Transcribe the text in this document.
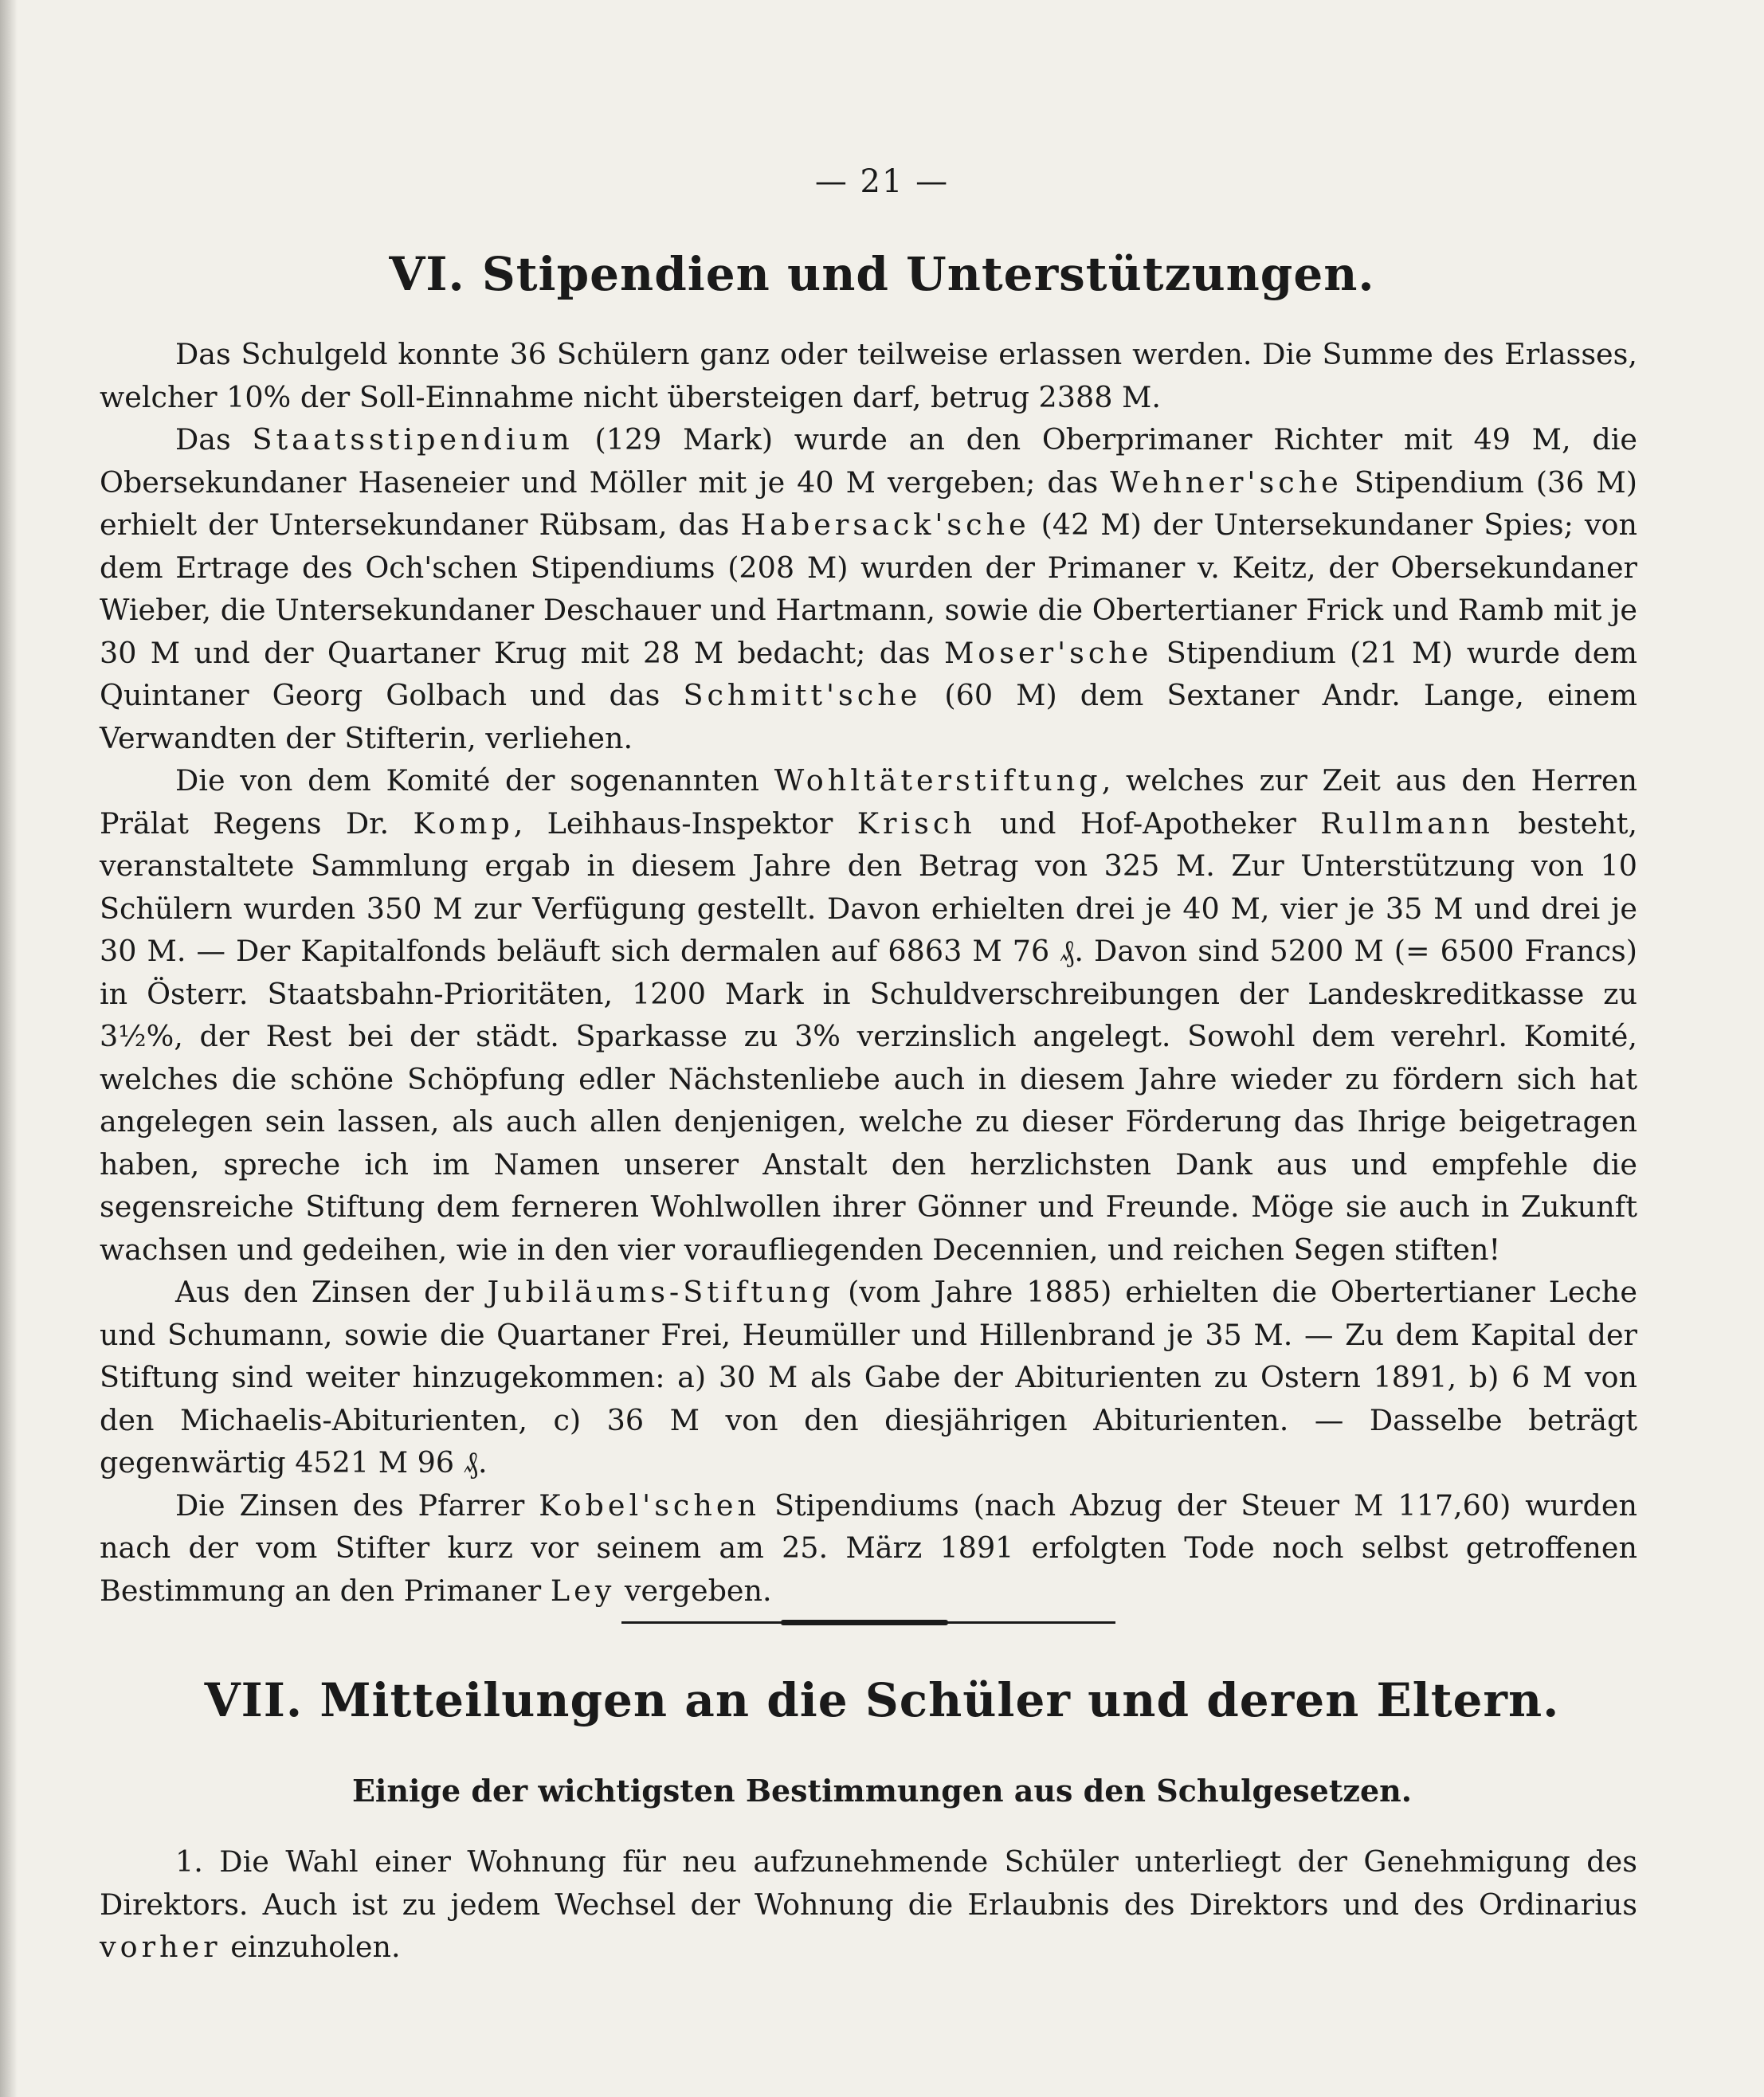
— 21 —
VI. Stipendien und Unterstützungen.

Das Schulgeld konnte 36 Schülern ganz oder teilweise erlassen werden. Die Summe des Erlasses, welcher 10% der Soll-Einnahme nicht übersteigen darf, betrug 2388 M.

Das Staatsstipendium (129 Mark) wurde an den Oberprimaner Richter mit 49 M, die Obersekundaner Haseneier und Möller mit je 40 M vergeben; das Wehner'sche Stipendium (36 M) erhielt der Untersekundaner Rübsam, das Habersack'sche (42 M) der Untersekundaner Spies; von dem Ertrage des Och'schen Stipendiums (208 M) wurden der Primaner v. Keitz, der Obersekundaner Wieber, die Untersekundaner Deschauer und Hartmann, sowie die Obertertianer Frick und Ramb mit je 30 M und der Quartaner Krug mit 28 M bedacht; das Moser'sche Stipendium (21 M) wurde dem Quintaner Georg Golbach und das Schmitt'sche (60 M) dem Sextaner Andr. Lange, einem Verwandten der Stifterin, verliehen.

Die von dem Komité der sogenannten Wohltäterstiftung, welches zur Zeit aus den Herren Prälat Regens Dr. Komp, Leihhaus-Inspektor Krisch und Hof-Apotheker Rullmann besteht, veranstaltete Sammlung ergab in diesem Jahre den Betrag von 325 M. Zur Unterstützung von 10 Schülern wurden 350 M zur Verfügung gestellt. Davon erhielten drei je 40 M, vier je 35 M und drei je 30 M. — Der Kapitalfonds beläuft sich dermalen auf 6863 M 76 ₰. Davon sind 5200 M (= 6500 Francs) in Österr. Staatsbahn-Prioritäten, 1200 Mark in Schuldverschreibungen der Landeskreditkasse zu 3½%, der Rest bei der städt. Sparkasse zu 3% verzinslich angelegt. Sowohl dem verehrl. Komité, welches die schöne Schöpfung edler Nächstenliebe auch in diesem Jahre wieder zu fördern sich hat angelegen sein lassen, als auch allen denjenigen, welche zu dieser Förderung das Ihrige beigetragen haben, spreche ich im Namen unserer Anstalt den herzlichsten Dank aus und empfehle die segensreiche Stiftung dem ferneren Wohlwollen ihrer Gönner und Freunde. Möge sie auch in Zukunft wachsen und gedeihen, wie in den vier voraufliegenden Decennien, und reichen Segen stiften!

Aus den Zinsen der Jubiläums-Stiftung (vom Jahre 1885) erhielten die Obertertianer Leche und Schumann, sowie die Quartaner Frei, Heumüller und Hillenbrand je 35 M. — Zu dem Kapital der Stiftung sind weiter hinzugekommen: a) 30 M als Gabe der Abiturienten zu Ostern 1891, b) 6 M von den Michaelis-Abiturienten, c) 36 M von den diesjährigen Abiturienten. — Dasselbe beträgt gegenwärtig 4521 M 96 ₰.

Die Zinsen des Pfarrer Kobel'schen Stipendiums (nach Abzug der Steuer M 117,60) wurden nach der vom Stifter kurz vor seinem am 25. März 1891 erfolgten Tode noch selbst getroffenen Bestimmung an den Primaner Ley vergeben.

VII. Mitteilungen an die Schüler und deren Eltern.
Einige der wichtigsten Bestimmungen aus den Schulgesetzen.

1. Die Wahl einer Wohnung für neu aufzunehmende Schüler unterliegt der Genehmigung des Direktors. Auch ist zu jedem Wechsel der Wohnung die Erlaubnis des Direktors und des Ordinarius vorher einzuholen.
